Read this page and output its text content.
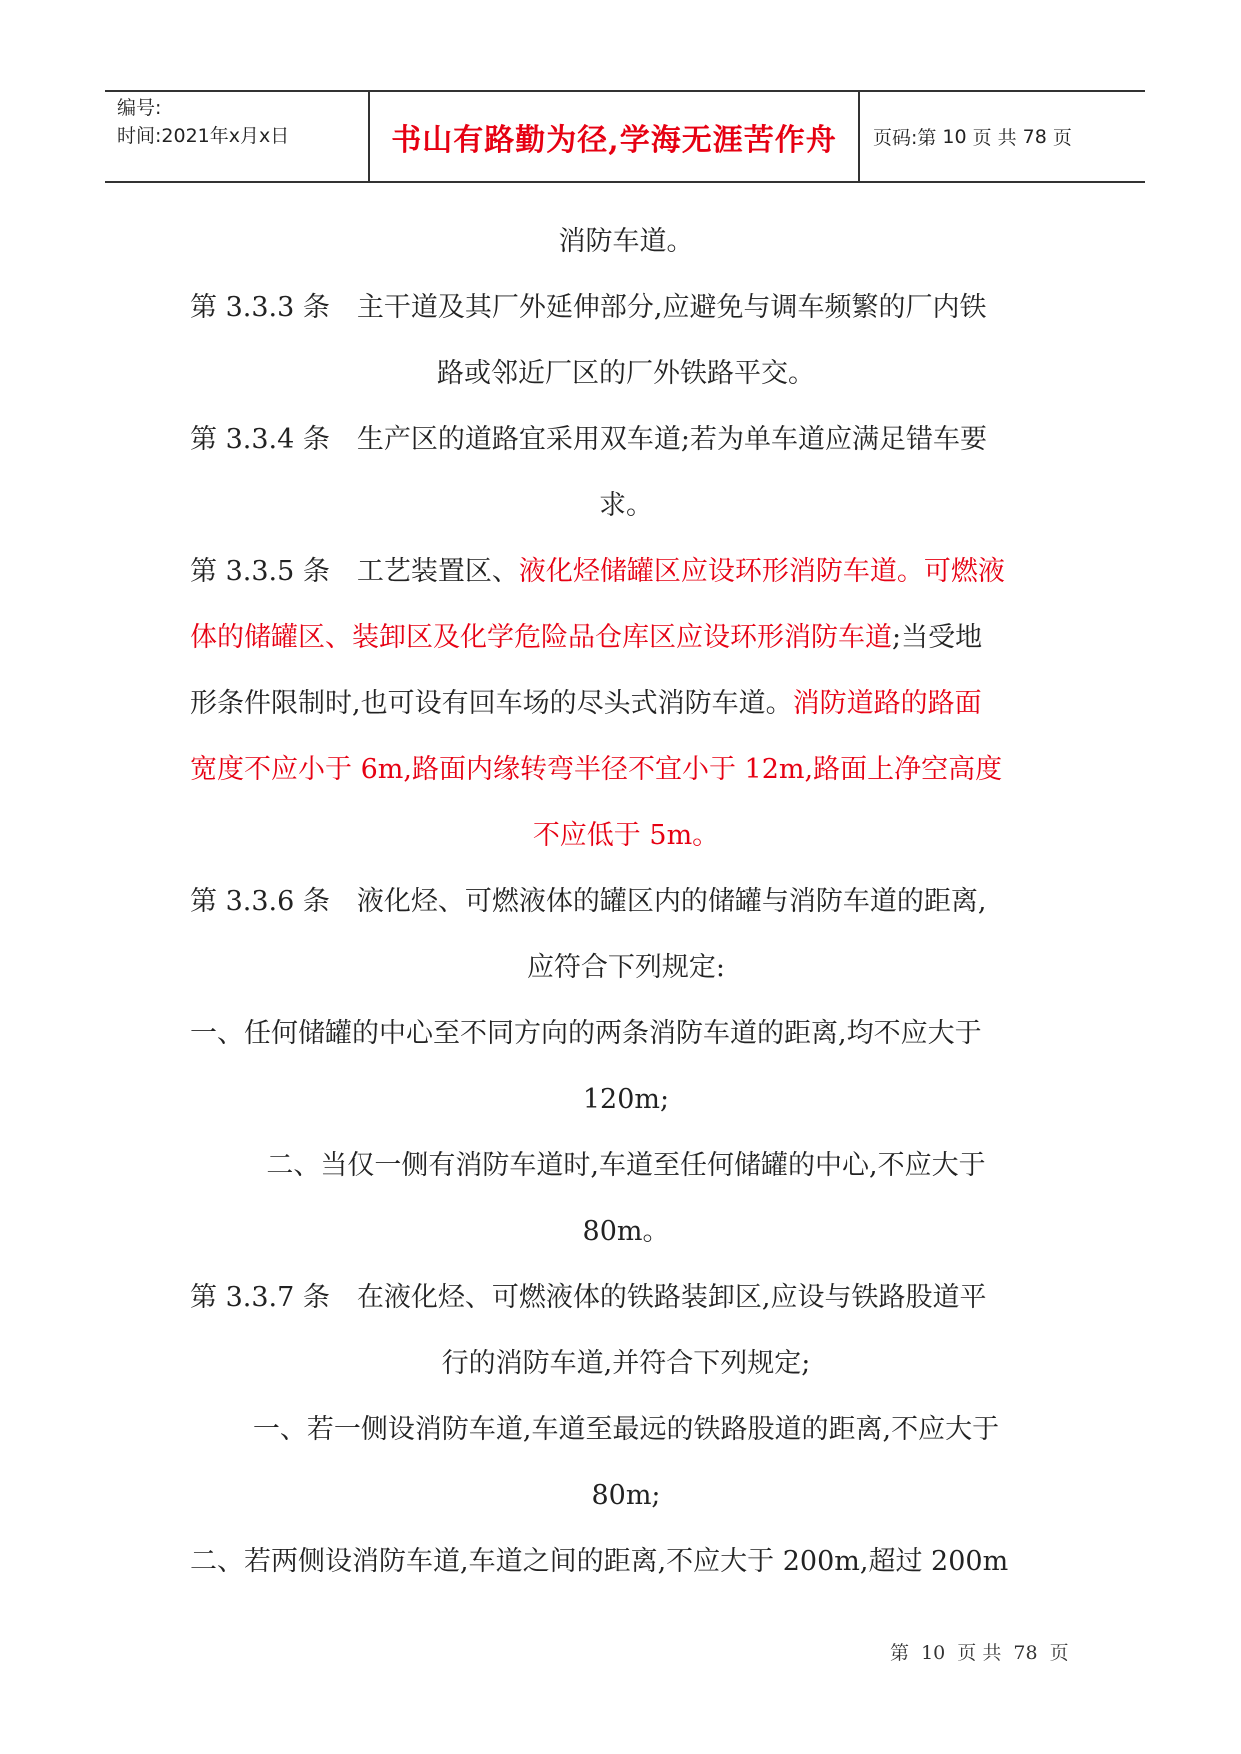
编号:
时间:2021年x月x日	书山有路勤为径,学海无涯苦作舟	页码:第 10 页 共 78 页
消防车道。
第 3.3.3 条　主干道及其厂外延伸部分,应避免与调车频繁的厂内铁
路或邻近厂区的厂外铁路平交。
第 3.3.4 条　生产区的道路宜采用双车道;若为单车道应满足错车要
求。
第 3.3.5 条　工艺装置区、液化烃储罐区应设环形消防车道。可燃液
体的储罐区、装卸区及化学危险品仓库区应设环形消防车道;当受地
形条件限制时,也可设有回车场的尽头式消防车道。消防道路的路面
宽度不应小于 6m,路面内缘转弯半径不宜小于 12m,路面上净空高度
不应低于 5m。
第 3.3.6 条　液化烃、可燃液体的罐区内的储罐与消防车道的距离,
应符合下列规定:
一、任何储罐的中心至不同方向的两条消防车道的距离,均不应大于
120m;
二、当仅一侧有消防车道时,车道至任何储罐的中心,不应大于
80m。
第 3.3.7 条　在液化烃、可燃液体的铁路装卸区,应设与铁路股道平
行的消防车道,并符合下列规定;
一、若一侧设消防车道,车道至最远的铁路股道的距离,不应大于
80m;
二、若两侧设消防车道,车道之间的距离,不应大于 200m,超过 200m
第 10 页 共 78 页
